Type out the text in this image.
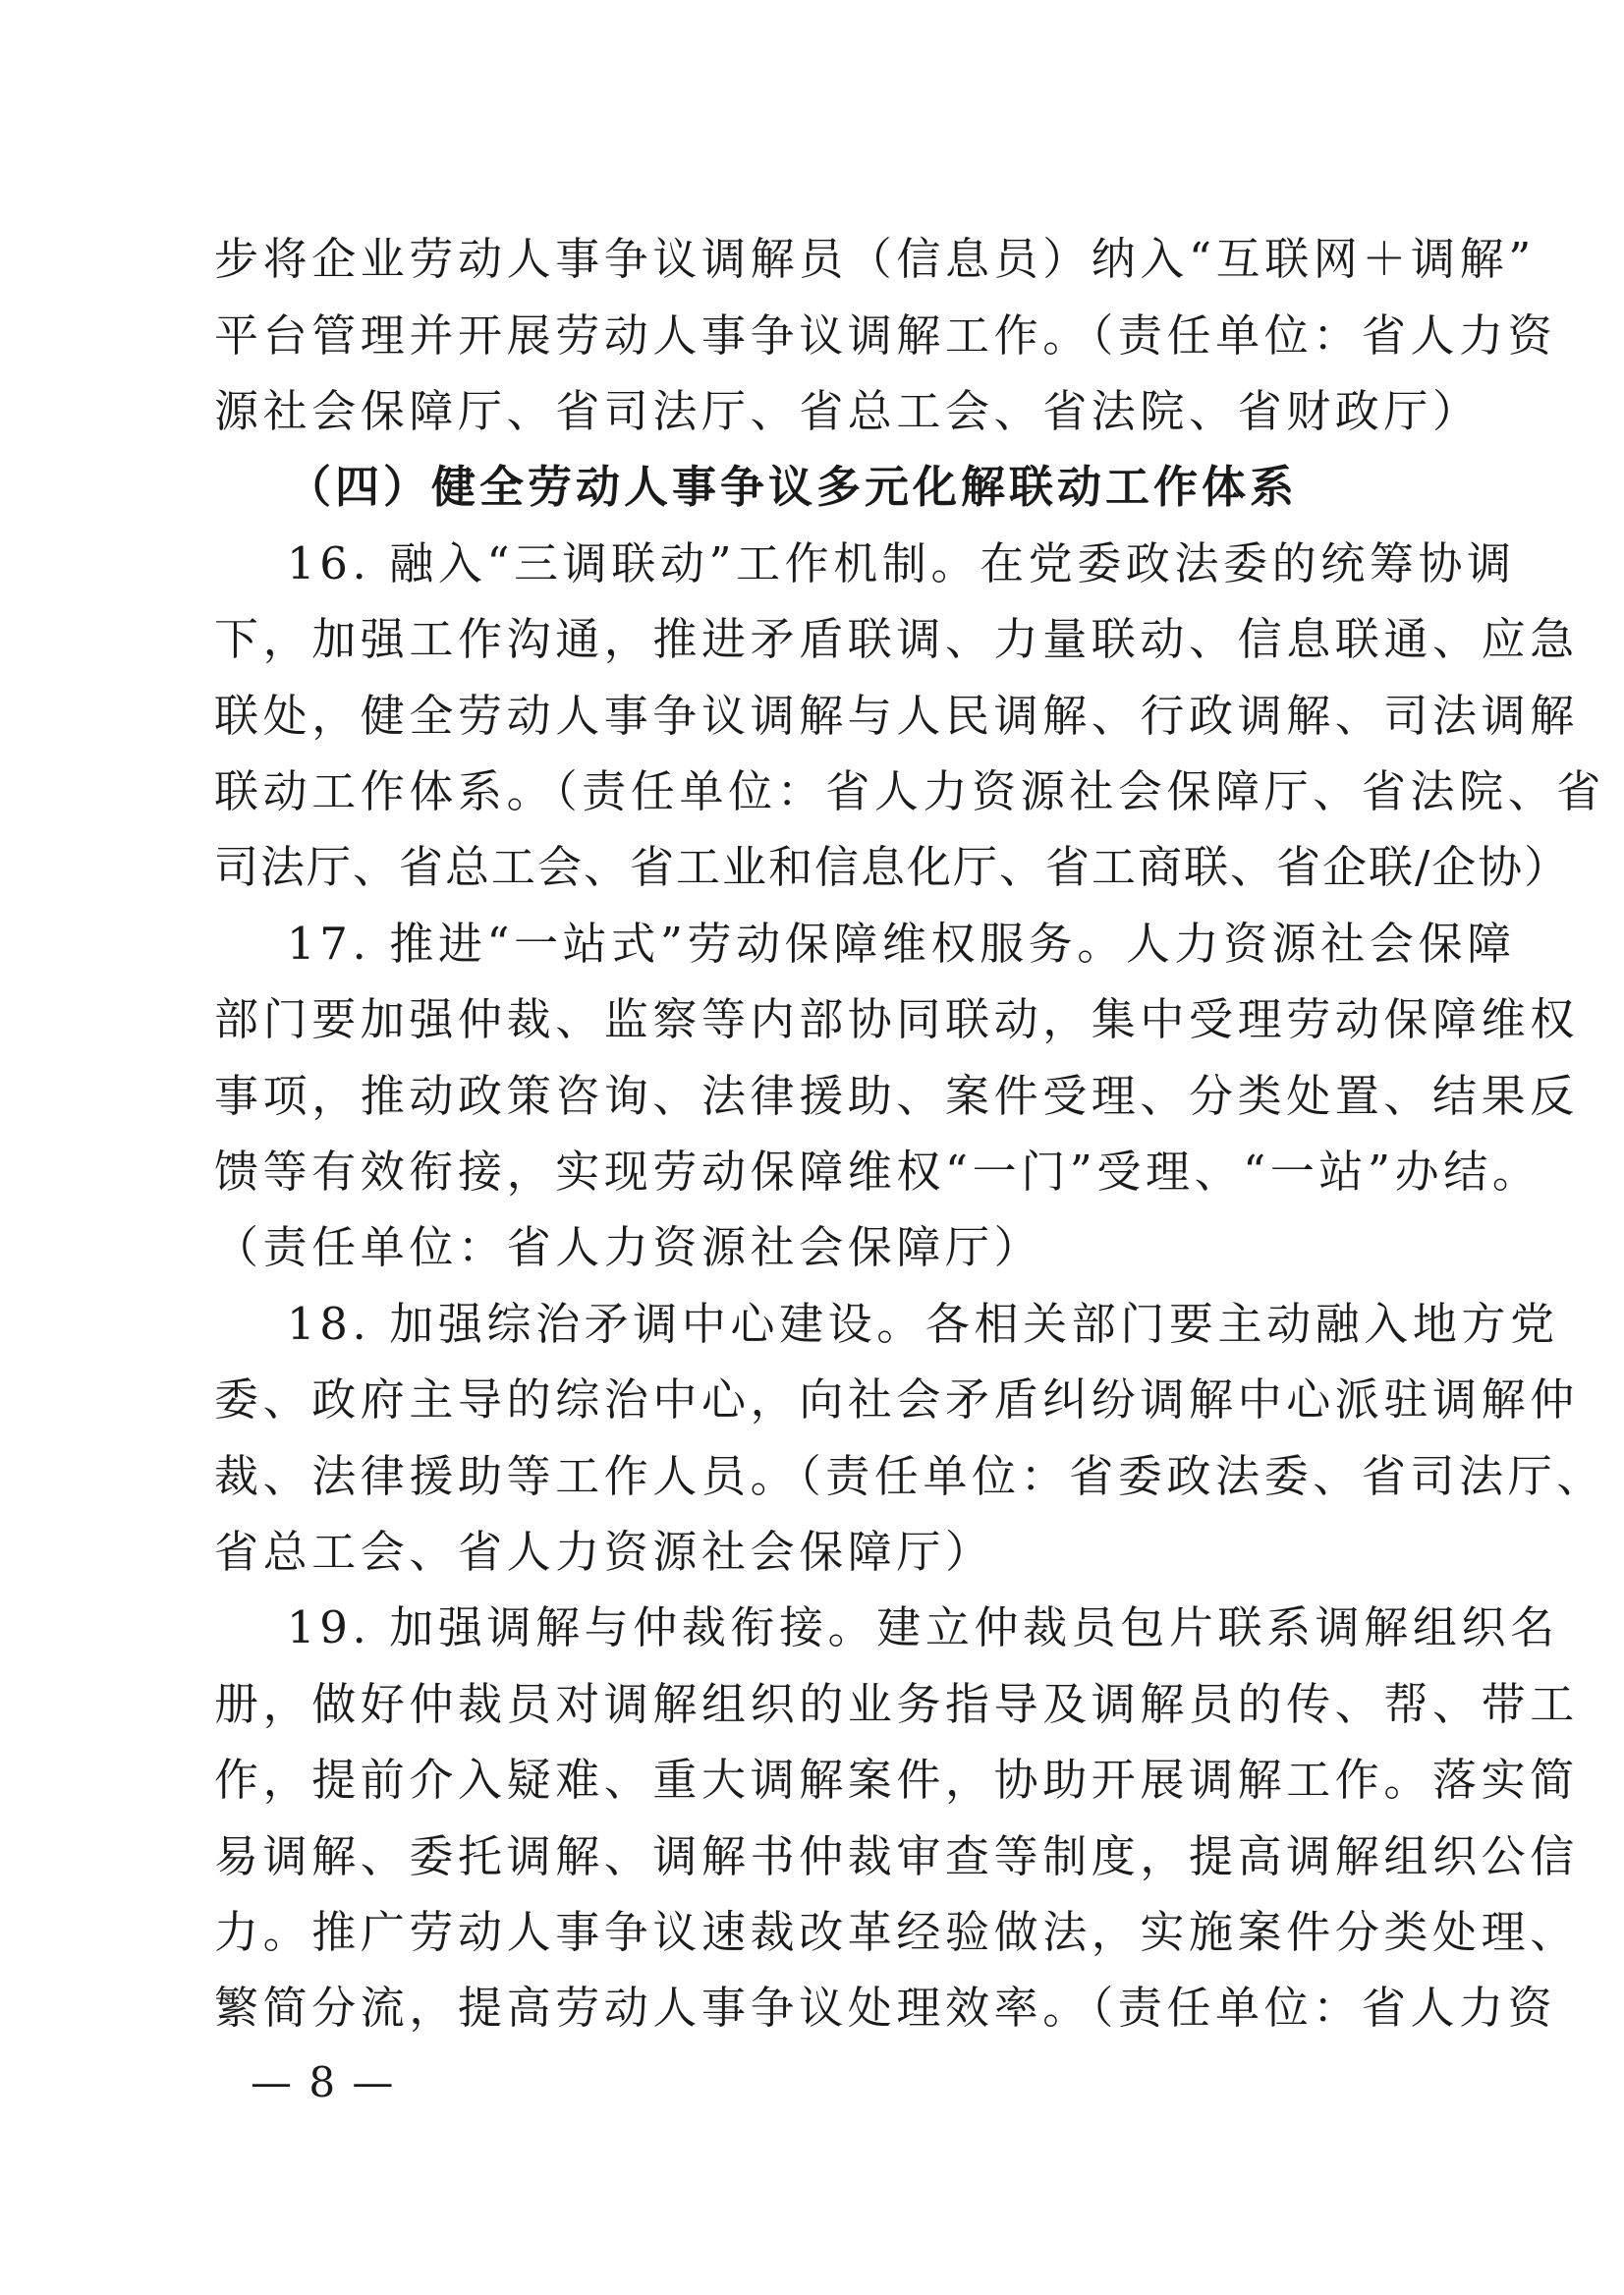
步将企业劳动人事争议调解员（信息员）纳入“互联网＋调解”
平台管理并开展劳动人事争议调解工作。（责任单位：省人力资
源社会保障厅、省司法厅、省总工会、省法院、省财政厅）
（四）健全劳动人事争议多元化解联动工作体系
16. 融入“三调联动”工作机制。在党委政法委的统筹协调
下，加强工作沟通，推进矛盾联调、力量联动、信息联通、应急
联处，健全劳动人事争议调解与人民调解、行政调解、司法调解
联动工作体系。（责任单位：省人力资源社会保障厅、省法院、省
司法厅、省总工会、省工业和信息化厅、省工商联、省企联/企协）
17. 推进“一站式”劳动保障维权服务。人力资源社会保障
部门要加强仲裁、监察等内部协同联动，集中受理劳动保障维权
事项，推动政策咨询、法律援助、案件受理、分类处置、结果反
馈等有效衔接，实现劳动保障维权“一门”受理、“一站”办结。
（责任单位：省人力资源社会保障厅）
18. 加强综治矛调中心建设。各相关部门要主动融入地方党
委、政府主导的综治中心，向社会矛盾纠纷调解中心派驻调解仲
裁、法律援助等工作人员。（责任单位：省委政法委、省司法厅、
省总工会、省人力资源社会保障厅）
19. 加强调解与仲裁衔接。建立仲裁员包片联系调解组织名
册，做好仲裁员对调解组织的业务指导及调解员的传、帮、带工
作，提前介入疑难、重大调解案件，协助开展调解工作。落实简
易调解、委托调解、调解书仲裁审查等制度，提高调解组织公信
力。推广劳动人事争议速裁改革经验做法，实施案件分类处理、
繁简分流，提高劳动人事争议处理效率。（责任单位：省人力资
— 8 —
